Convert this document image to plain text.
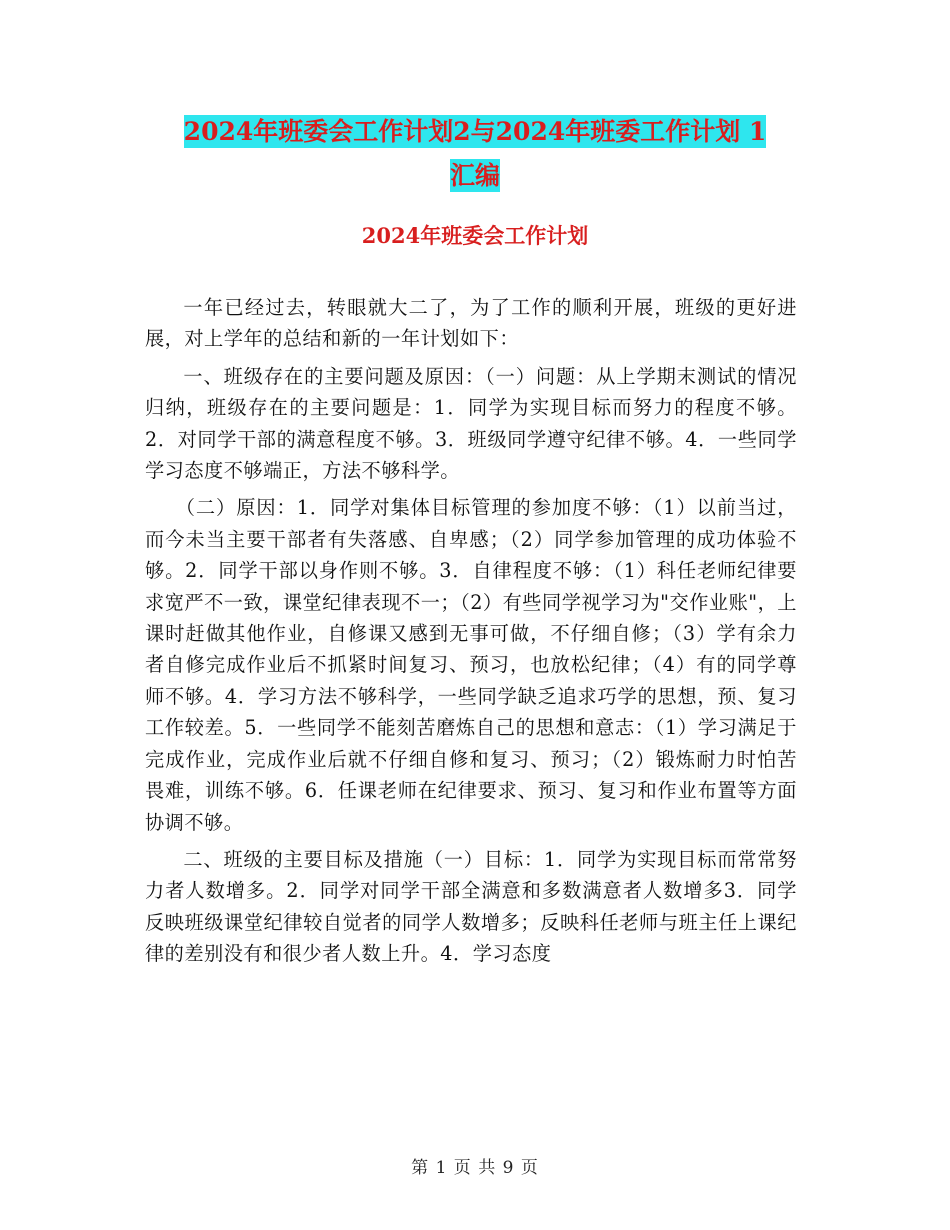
2024年班委会工作计划2与2024年班委工作计划 1
汇编
2024年班委会工作计划

一年已经过去，转眼就大二了，为了工作的顺利开展，班级的更好进展，对上学年的总结和新的一年计划如下：

一、班级存在的主要问题及原因：（一）问题：从上学期末测试的情况归纳，班级存在的主要问题是：1．同学为实现目标而努力的程度不够。2．对同学干部的满意程度不够。3．班级同学遵守纪律不够。4．一些同学学习态度不够端正，方法不够科学。

（二）原因：1．同学对集体目标管理的参加度不够：（1）以前当过，而今未当主要干部者有失落感、自卑感；（2）同学参加管理的成功体验不够。2．同学干部以身作则不够。3．自律程度不够：（1）科任老师纪律要求宽严不一致，课堂纪律表现不一；（2）有些同学视学习为"交作业账"，上课时赶做其他作业，自修课又感到无事可做，不仔细自修；（3）学有余力者自修完成作业后不抓紧时间复习、预习，也放松纪律；（4）有的同学尊师不够。4．学习方法不够科学，一些同学缺乏追求巧学的思想，预、复习工作较差。5．一些同学不能刻苦磨炼自己的思想和意志：（1）学习满足于完成作业，完成作业后就不仔细自修和复习、预习；（2）锻炼耐力时怕苦畏难，训练不够。6．任课老师在纪律要求、预习、复习和作业布置等方面协调不够。

二、班级的主要目标及措施（一）目标：1．同学为实现目标而常常努力者人数增多。2．同学对同学干部全满意和多数满意者人数增多3．同学反映班级课堂纪律较自觉者的同学人数增多；反映科任老师与班主任上课纪律的差别没有和很少者人数上升。4．学习态度

第 1 页 共 9 页
